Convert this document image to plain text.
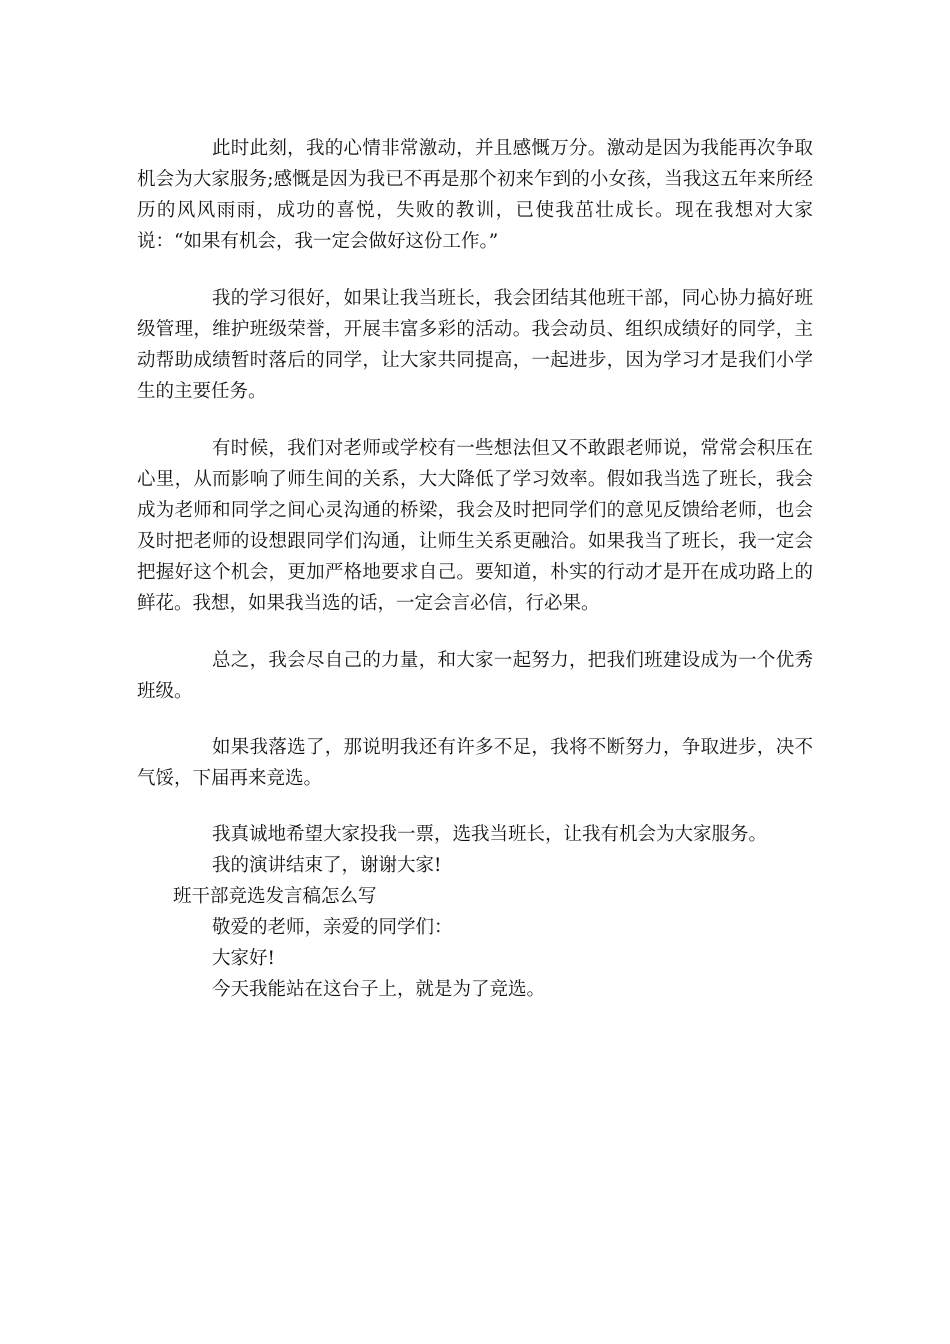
此时此刻，我的心情非常激动，并且感慨万分。激动是因为我能再次争取机会为大家服务;感慨是因为我已不再是那个初来乍到的小女孩，当我这五年来所经历的风风雨雨，成功的喜悦，失败的教训，已使我茁壮成长。现在我想对大家说：“如果有机会，我一定会做好这份工作。”

我的学习很好，如果让我当班长，我会团结其他班干部，同心协力搞好班级管理，维护班级荣誉，开展丰富多彩的活动。我会动员、组织成绩好的同学，主动帮助成绩暂时落后的同学，让大家共同提高，一起进步，因为学习才是我们小学生的主要任务。

有时候，我们对老师或学校有一些想法但又不敢跟老师说，常常会积压在心里，从而影响了师生间的关系，大大降低了学习效率。假如我当选了班长，我会成为老师和同学之间心灵沟通的桥梁，我会及时把同学们的意见反馈给老师，也会及时把老师的设想跟同学们沟通，让师生关系更融洽。如果我当了班长，我一定会把握好这个机会，更加严格地要求自己。要知道，朴实的行动才是开在成功路上的鲜花。我想，如果我当选的话，一定会言必信，行必果。

总之，我会尽自己的力量，和大家一起努力，把我们班建设成为一个优秀班级。

如果我落选了，那说明我还有许多不足，我将不断努力，争取进步，决不气馁，下届再来竞选。

我真诚地希望大家投我一票，选我当班长，让我有机会为大家服务。

我的演讲结束了，谢谢大家!

班干部竞选发言稿怎么写

敬爱的老师，亲爱的同学们：

大家好!

今天我能站在这台子上，就是为了竞选。
